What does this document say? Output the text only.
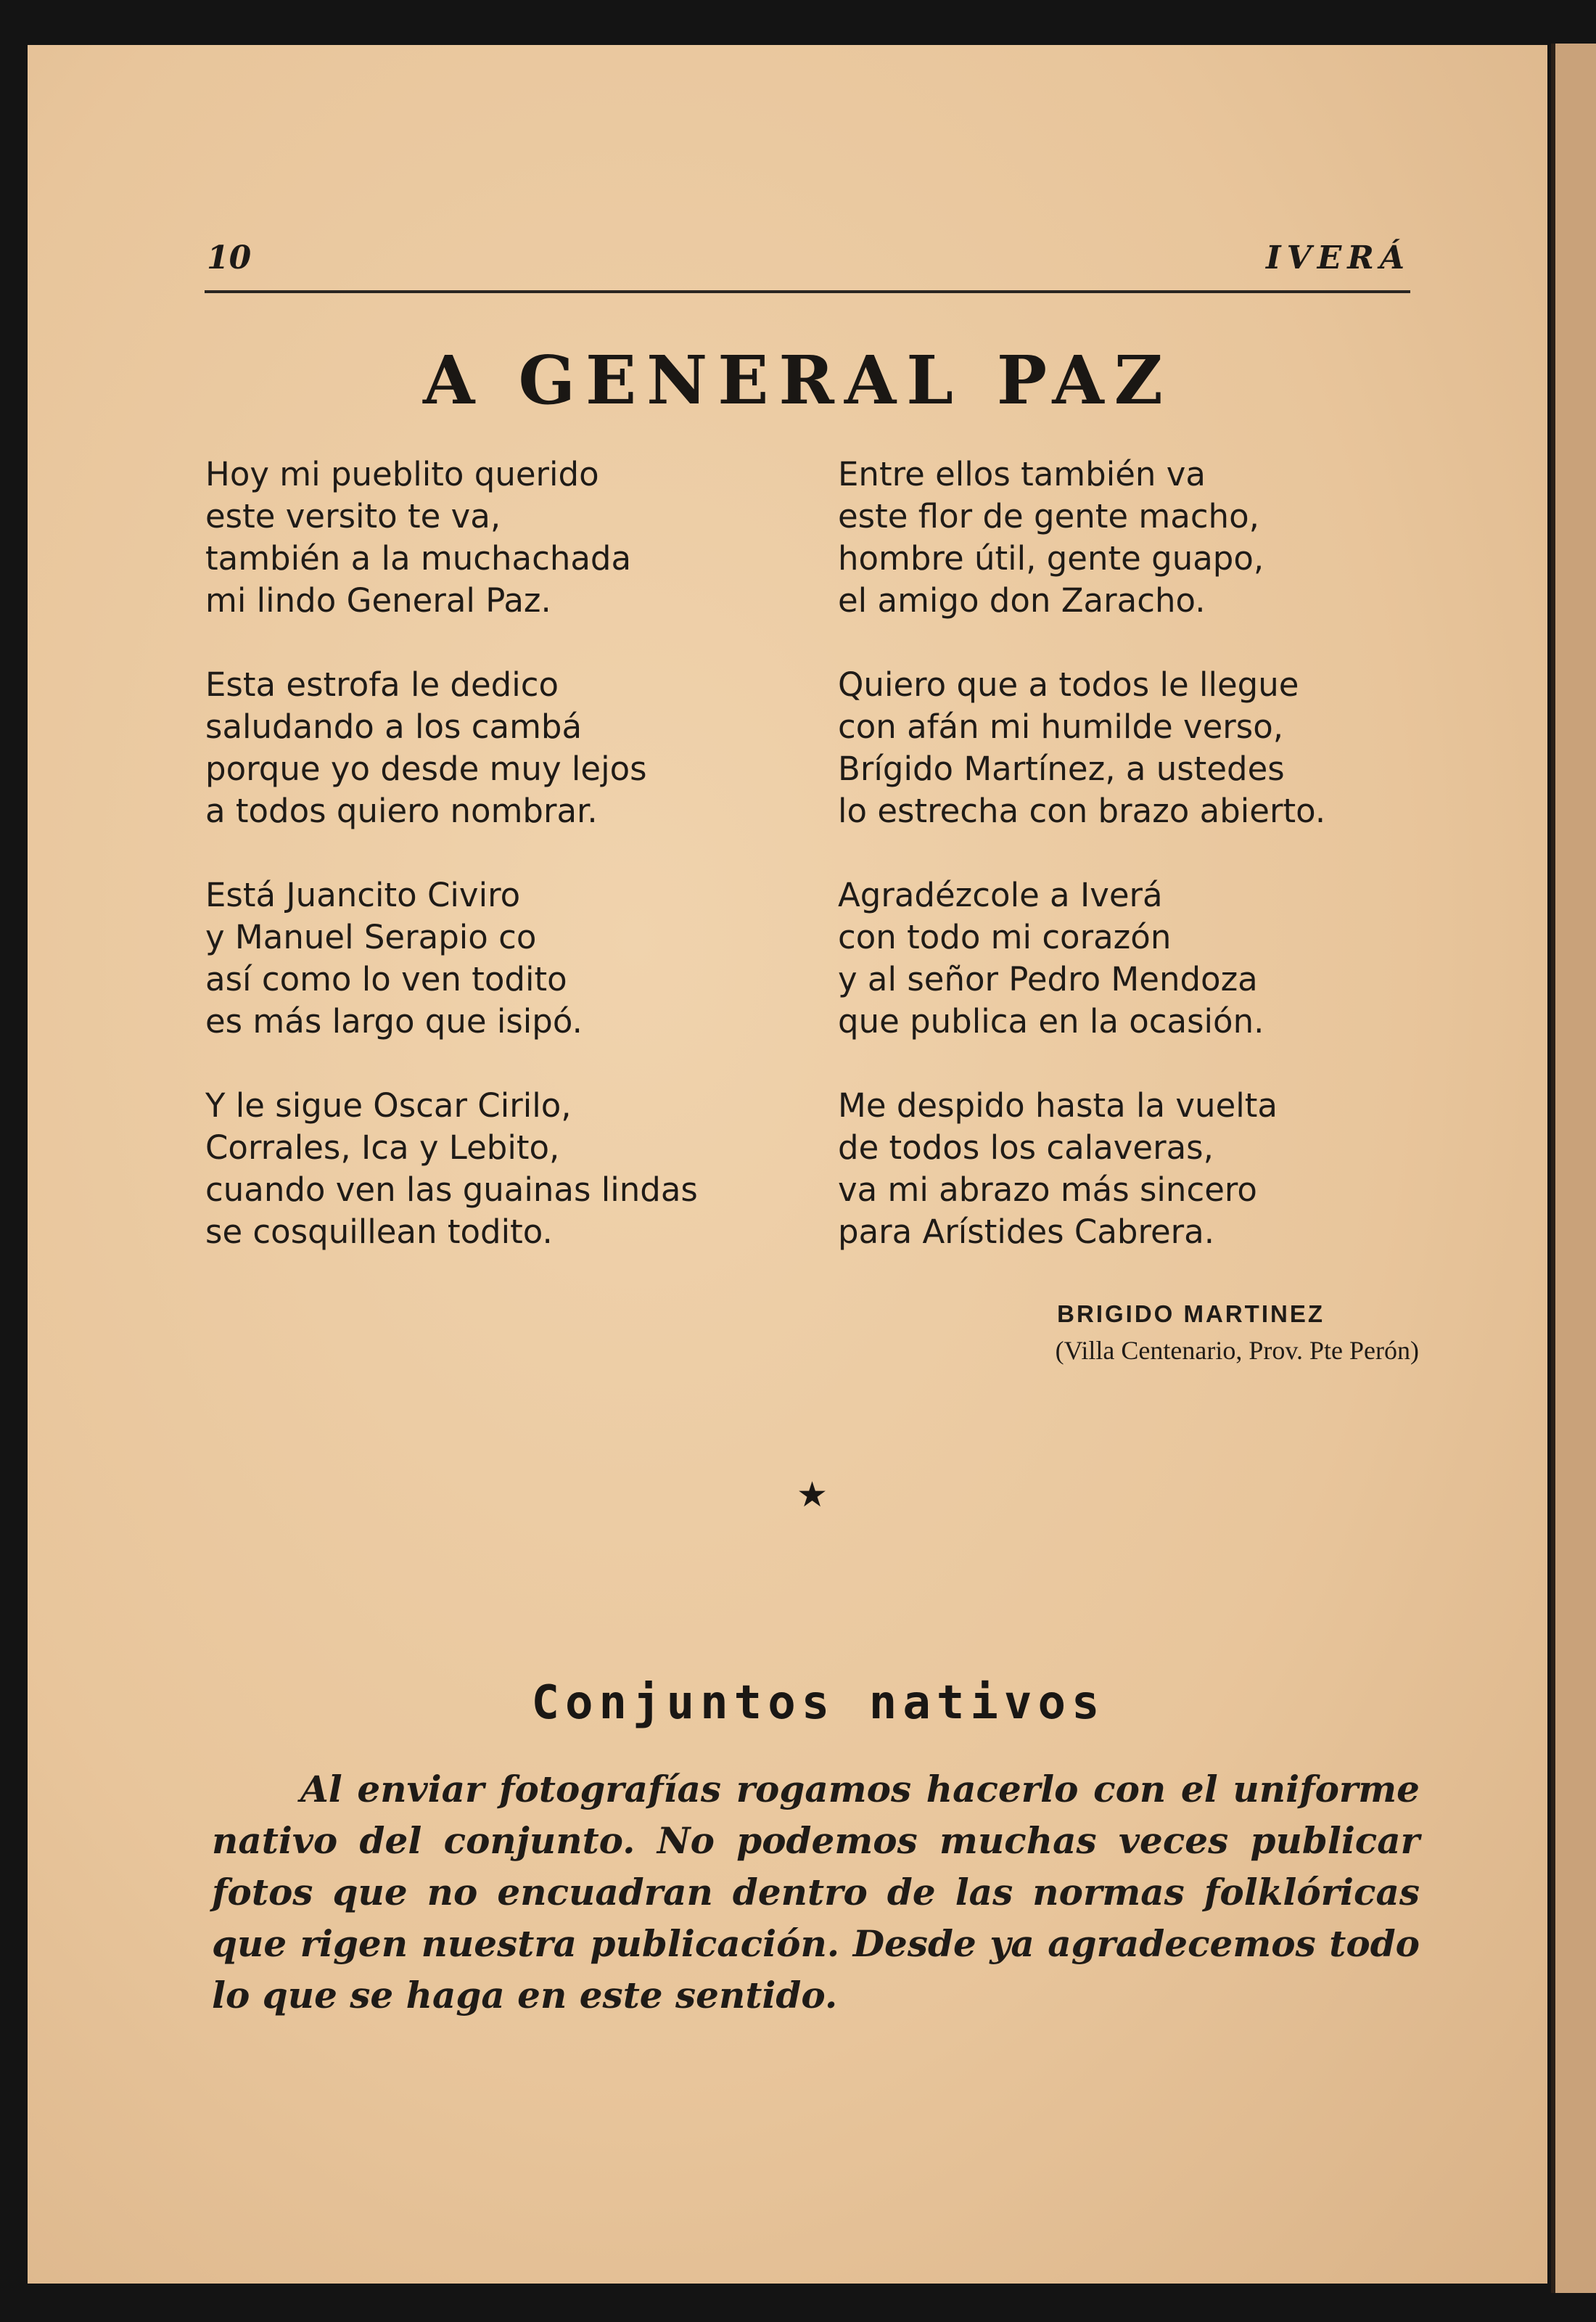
10	IVERÁ
A GENERAL PAZ
Hoy mi pueblito querido
este versito te va,
también a la muchachada
mi lindo General Paz.
Esta estrofa le dedico
saludando a los cambá
porque yo desde muy lejos
a todos quiero nombrar.
Está Juancito Civiro
y Manuel Serapio co
así como lo ven todito
es más largo que isipó.
Y le sigue Oscar Cirilo,
Corrales, Ica y Lebito,
cuando ven las guainas lindas
se cosquillean todito.
Entre ellos también va
este flor de gente macho,
hombre útil, gente guapo,
el amigo don Zaracho.
Quiero que a todos le llegue
con afán mi humilde verso,
Brígido Martínez, a ustedes
lo estrecha con brazo abierto.
Agradézcole a Iverá
con todo mi corazón
y al señor Pedro Mendoza
que publica en la ocasión.
Me despido hasta la vuelta
de todos los calaveras,
va mi abrazo más sincero
para Arístides Cabrera.
BRIGIDO MARTINEZ
(Villa Centenario, Prov. Pte Perón)
★
Conjuntos nativos
Al enviar fotografías rogamos hacerlo con el uniforme nativo del conjunto. No podemos muchas veces publicar fotos que no encuadran dentro de las normas folklóricas que rigen nuestra publicación. Desde ya agradecemos todo lo que se haga en este sentido.
